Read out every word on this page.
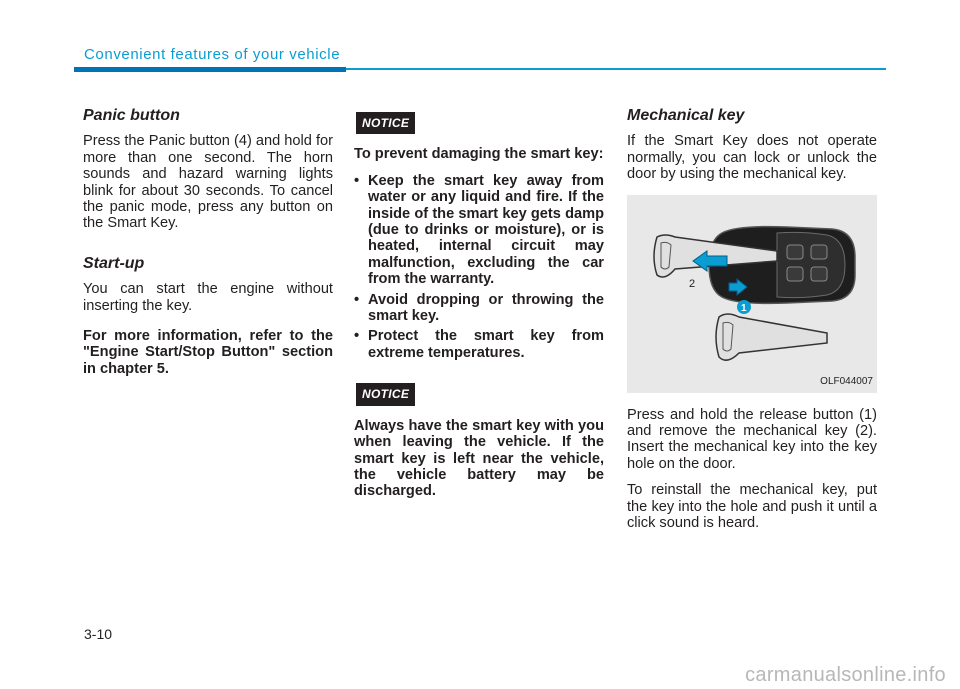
Convenient features of your vehicle
Panic button

Press the Panic button (4) and hold for more than one second. The horn sounds and hazard warning lights blink for about 30 seconds. To cancel the panic mode, press any button on the Smart Key.

Start-up

You can start the engine without inserting the key.

For more information, refer to the "Engine Start/Stop Button" section in chapter 5.

NOTICE

To prevent damaging the smart key:

• Keep the smart key away from water or any liquid and fire. If the inside of the smart key gets damp (due to drinks or moisture), or is heated, internal circuit may malfunction, excluding the car from the warranty.
• Avoid dropping or throwing the smart key.
• Protect the smart key from extreme temperatures.
NOTICE

Always have the smart key with you when leaving the vehicle. If the smart key is left near the vehicle, the vehicle battery may be discharged.

Mechanical key

If the Smart Key does not operate normally, you can lock or unlock the door by using the mechanical key.

2
1
OLF044007

Press and hold the release button (1) and remove the mechanical key (2). Insert the mechanical key into the key hole on the door.

To reinstall the mechanical key, put the key into the hole and push it until a click sound is heard.

3-10
carmanualsonline.info
